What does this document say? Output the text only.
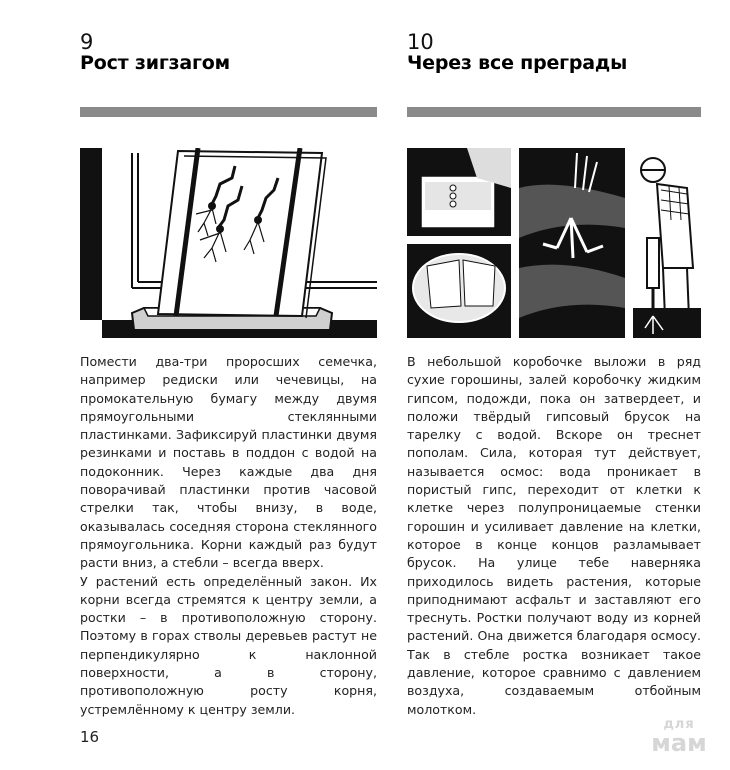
9
Рост зигзагом

Помести два-три проросших семечка, например редиски или чечевицы, на промокательную бумагу между двумя прямоугольными стеклянными пластинками. Зафиксируй пластинки двумя резинками и поставь в поддон с водой на подоконник. Через каждые два дня поворачивай пластинки против часовой стрелки так, чтобы внизу, в воде, оказывалась соседняя сторона стеклянного прямоугольника. Корни каждый раз будут расти вниз, а стебли – всегда вверх.

У растений есть определённый закон. Их корни всегда стремятся к центру земли, а ростки – в противоположную сторону. Поэтому в горах стволы деревьев растут не перпендикулярно к наклонной поверхности, а в сторону, противоположную росту корня, устремлённому к центру земли.

10
Через все преграды

В небольшой коробочке выложи в ряд сухие горошины, залей коробочку жидким гипсом, подожди, пока он затвердеет, и положи твёрдый гипсовый брусок на тарелку с водой. Вскоре он треснет пополам. Сила, которая тут действует, называется осмос: вода проникает в пористый гипс, переходит от клетки к клетке через полупроницаемые стенки горошин и усиливает давление на клетки, которое в конце концов разламывает брусок. На улице тебе наверняка приходилось видеть растения, которые приподнимают асфальт и заставляют его треснуть. Ростки получают воду из корней растений. Она движется благодаря осмосу. Так в стебле ростка возникает такое давление, которое сравнимо с давлением воздуха, создаваемым отбойным молотком.

16
для
мам
